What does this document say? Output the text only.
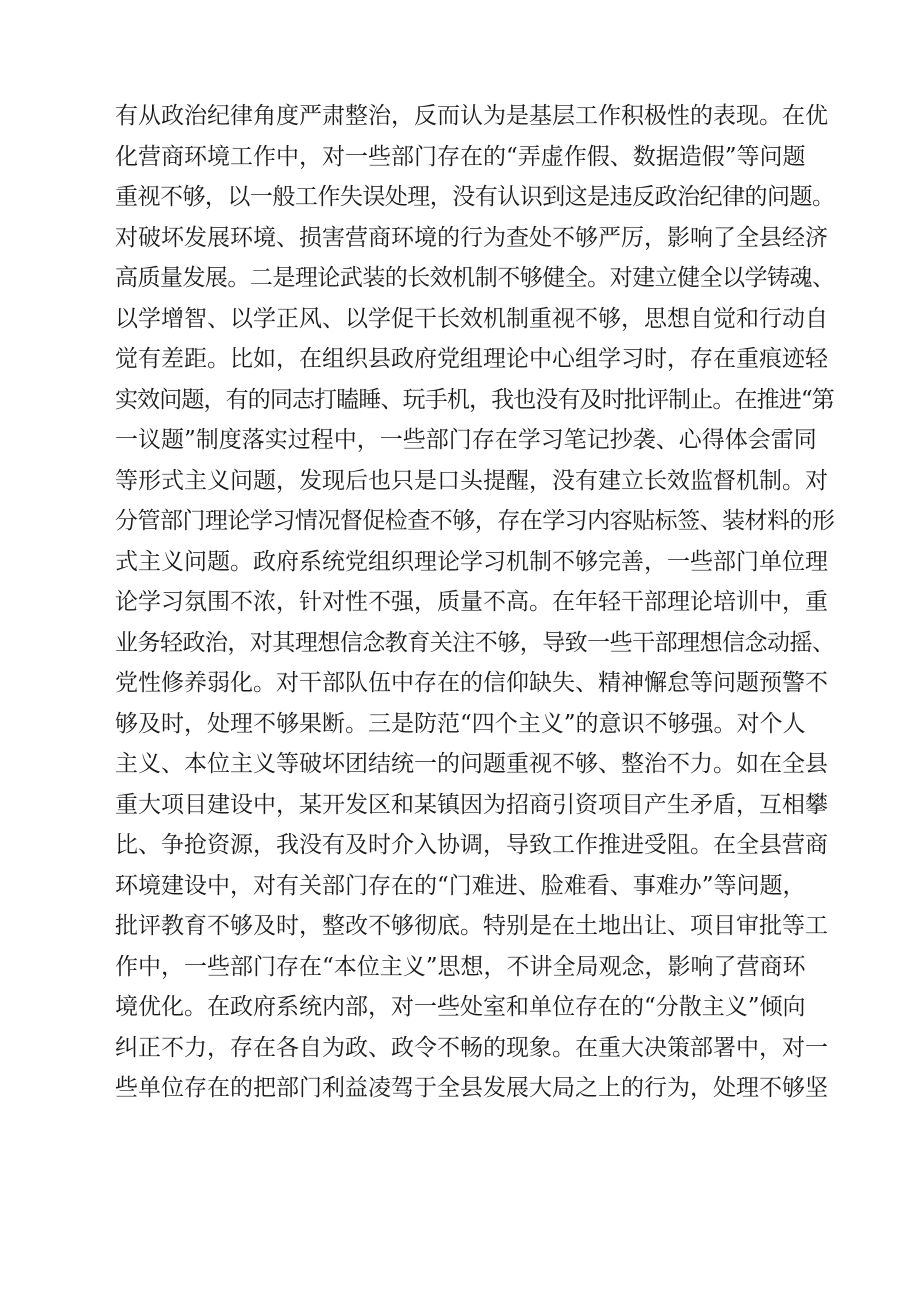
有从政治纪律角度严肃整治，反而认为是基层工作积极性的表现。在优
化营商环境工作中，对一些部门存在的“弄虚作假、数据造假”等问题
重视不够，以一般工作失误处理，没有认识到这是违反政治纪律的问题。
对破坏发展环境、损害营商环境的行为查处不够严厉，影响了全县经济
高质量发展。二是理论武装的长效机制不够健全。对建立健全以学铸魂、
以学增智、以学正风、以学促干长效机制重视不够，思想自觉和行动自
觉有差距。比如，在组织县政府党组理论中心组学习时，存在重痕迹轻
实效问题，有的同志打瞌睡、玩手机，我也没有及时批评制止。在推进“第
一议题”制度落实过程中，一些部门存在学习笔记抄袭、心得体会雷同
等形式主义问题，发现后也只是口头提醒，没有建立长效监督机制。对
分管部门理论学习情况督促检查不够，存在学习内容贴标签、装材料的形
式主义问题。政府系统党组织理论学习机制不够完善，一些部门单位理
论学习氛围不浓，针对性不强，质量不高。在年轻干部理论培训中，重
业务轻政治，对其理想信念教育关注不够，导致一些干部理想信念动摇、
党性修养弱化。对干部队伍中存在的信仰缺失、精神懈怠等问题预警不
够及时，处理不够果断。三是防范“四个主义”的意识不够强。对个人
主义、本位主义等破坏团结统一的问题重视不够、整治不力。如在全县
重大项目建设中，某开发区和某镇因为招商引资项目产生矛盾，互相攀
比、争抢资源，我没有及时介入协调，导致工作推进受阻。在全县营商
环境建设中，对有关部门存在的“门难进、脸难看、事难办”等问题，
批评教育不够及时，整改不够彻底。特别是在土地出让、项目审批等工
作中，一些部门存在“本位主义”思想，不讲全局观念，影响了营商环
境优化。在政府系统内部，对一些处室和单位存在的“分散主义”倾向
纠正不力，存在各自为政、政令不畅的现象。在重大决策部署中，对一
些单位存在的把部门利益凌驾于全县发展大局之上的行为，处理不够坚
